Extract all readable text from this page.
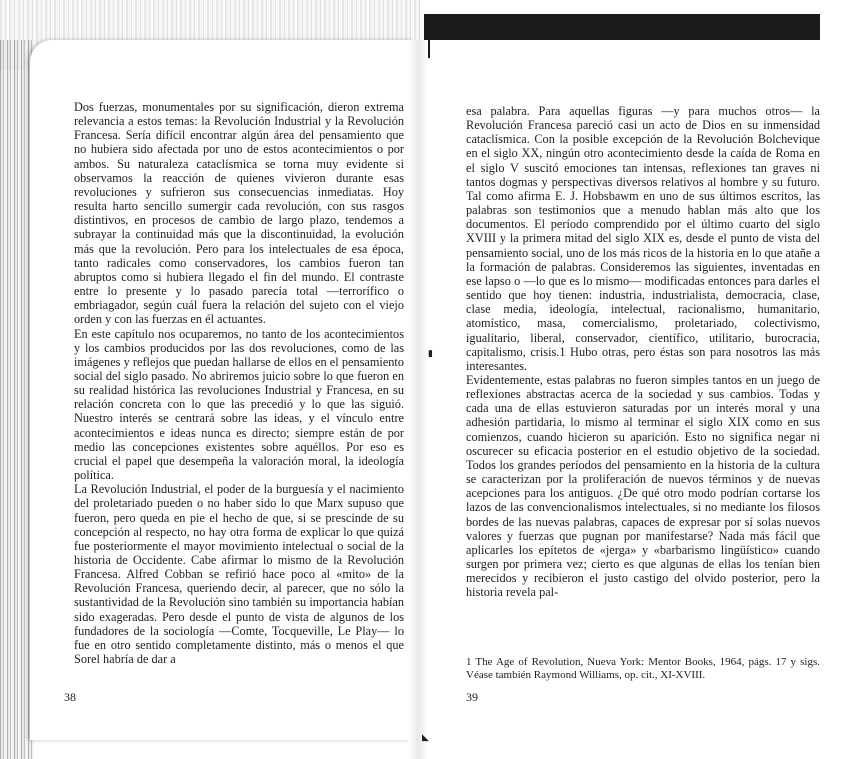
Dos fuerzas, monumentales por su significación, dieron extrema relevancia a estos temas: la Revolución Industrial y la Revolución Francesa. Sería difícil encontrar algún área del pensamiento que no hubiera sido afectada por uno de estos acontecimientos o por ambos. Su naturaleza cataclísmica se torna muy evidente si observamos la reacción de quienes vivieron durante esas revoluciones y sufrieron sus consecuencias inmediatas. Hoy resulta harto sencillo sumergir cada revolución, con sus rasgos distintivos, en procesos de cambio de largo plazo, tendemos a subrayar la continuidad más que la discontinuidad, la evolución más que la revolución. Pero para los intelectuales de esa época, tanto radicales como conservadores, los cambios fueron tan abruptos como si hubiera llegado el fin del mundo. El contraste entre lo presente y lo pasado parecía total —terrorífico o embriagador, según cuál fuera la relación del sujeto con el viejo orden y con las fuerzas en él actuantes.

En este capítulo nos ocuparemos, no tanto de los acontecimientos y los cambios producidos por las dos revoluciones, como de las imágenes y reflejos que puedan hallarse de ellos en el pensamiento social del siglo pasado. No abriremos juicio sobre lo que fueron en su realidad histórica las revoluciones Industrial y Francesa, en su relación concreta con lo que las precedió y lo que las siguió. Nuestro interés se centrará sobre las ideas, y el vínculo entre acontecimientos e ideas nunca es directo; siempre están de por medio las concepciones existentes sobre aquéllos. Por eso es crucial el papel que desempeña la valoración moral, la ideología política.

La Revolución Industrial, el poder de la burguesía y el nacimiento del proletariado pueden o no haber sido lo que Marx supuso que fueron, pero queda en pie el hecho de que, si se prescinde de su concepción al respecto, no hay otra forma de explicar lo que quizá fue posteriormente el mayor movimiento intelectual o social de la historia de Occidente. Cabe afirmar lo mismo de la Revolución Francesa. Alfred Cobban se refirió hace poco al «mito» de la Revolución Francesa, queriendo decir, al parecer, que no sólo la sustantividad de la Revolución sino también su importancia habían sido exageradas. Pero desde el punto de vista de algunos de los fundadores de la sociología —Comte, Tocqueville, Le Play— lo fue en otro sentido completamente distinto, más o menos el que Sorel habría de dar a

38

esa palabra. Para aquellas figuras —y para muchos otros— la Revolución Francesa pareció casi un acto de Dios en su inmensidad cataclísmica. Con la posible excepción de la Revolución Bolchevique en el siglo XX, ningún otro acontecimiento desde la caída de Roma en el siglo V suscitó emociones tan intensas, reflexiones tan graves ni tantos dogmas y perspectivas diversos relativos al hombre y su futuro. Tal como afirma E. J. Hobsbawm en uno de sus últimos escritos, las palabras son testimonios que a menudo hablan más alto que los documentos. El período comprendido por el último cuarto del siglo XVIII y la primera mitad del siglo XIX es, desde el punto de vista del pensamiento social, uno de los más ricos de la historia en lo que atañe a la formación de palabras. Consideremos las siguientes, inventadas en ese lapso o —lo que es lo mismo— modificadas entonces para darles el sentido que hoy tienen: industria, industrialista, democracia, clase, clase media, ideología, intelectual, racionalismo, humanitario, atomístico, masa, comercialismo, proletariado, colectivismo, igualitario, liberal, conservador, científico, utilitario, burocracia, capitalismo, crisis.1 Hubo otras, pero éstas son para nosotros las más interesantes.

Evidentemente, estas palabras no fueron simples tantos en un juego de reflexiones abstractas acerca de la sociedad y sus cambios. Todas y cada una de ellas estuvieron saturadas por un interés moral y una adhesión partidaria, lo mismo al terminar el siglo XIX como en sus comienzos, cuando hicieron su aparición. Esto no significa negar ni oscurecer su eficacia posterior en el estudio objetivo de la sociedad. Todos los grandes períodos del pensamiento en la historia de la cultura se caracterizan por la proliferación de nuevos términos y de nuevas acepciones para los antiguos. ¿De qué otro modo podrían cortarse los lazos de las convencionalismos intelectuales, si no mediante los filosos bordes de las nuevas palabras, capaces de expresar por sí solas nuevos valores y fuerzas que pugnan por manifestarse? Nada más fácil que aplicarles los epítetos de «jerga» y «barbarismo lingüístico» cuando surgen por primera vez; cierto es que algunas de ellas los tenían bien merecidos y recibieron el justo castigo del olvido posterior, pero la historia revela pal-

1 The Age of Revolution, Nueva York: Mentor Books, 1964, págs. 17 y sigs. Véase también Raymond Williams, op. cit., XI-XVIII.
39
▮
◣
